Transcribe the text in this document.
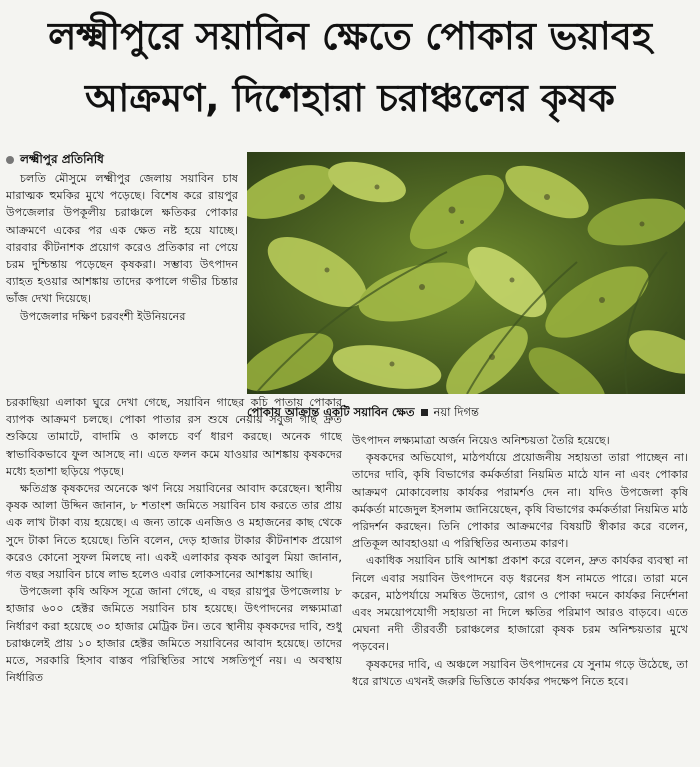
লক্ষ্মীপুরে সয়াবিন ক্ষেতে পোকার ভয়াবহ
আক্রমণ, দিশেহারা চরাঞ্চলের কৃষক
লক্ষ্মীপুর প্রতিনিধি

চলতি মৌসুমে লক্ষ্মীপুর জেলায় সয়াবিন চাষ মারাত্মক হুমকির মুখে পড়েছে। বিশেষ করে রায়পুর উপজেলার উপকূলীয় চরাঞ্চলে ক্ষতিকর পোকার আক্রমণে একের পর এক ক্ষেত নষ্ট হয়ে যাচ্ছে। বারবার কীটনাশক প্রয়োগ করেও প্রতিকার না পেয়ে চরম দুশ্চিন্তায় পড়েছেন কৃষকরা। সম্ভাব্য উৎপাদন ব্যাহত হওয়ার আশঙ্কায় তাদের কপালে গভীর চিন্তার ভাঁজ দেখা দিয়েছে।

উপজেলার দক্ষিণ চরবংশী ইউনিয়নের

পোকায় আক্রান্ত একটি সয়াবিন ক্ষেত নয়া দিগন্ত

চরকাছিয়া এলাকা ঘুরে দেখা গেছে, সয়াবিন গাছের কচি পাতায় পোকার ব্যাপক আক্রমণ চলছে। পোকা পাতার রস শুষে নেয়ায় সবুজ গাছ দ্রুত শুকিয়ে তামাটে, বাদামি ও কালচে বর্ণ ধারণ করছে। অনেক গাছে স্বাভাবিকভাবে ফুল আসছে না। এতে ফলন কমে যাওয়ার আশঙ্কায় কৃষকদের মধ্যে হতাশা ছড়িয়ে পড়ছে।

ক্ষতিগ্রস্ত কৃষকদের অনেকে ঋণ নিয়ে সয়াবিনের আবাদ করেছেন। স্থানীয় কৃষক আলা উদ্দিন জানান, ৮ শতাংশ জমিতে সয়াবিন চাষ করতে তার প্রায় এক লাখ টাকা ব্যয় হয়েছে। এ জন্য তাকে এনজিও ও মহাজনের কাছ থেকে সুদে টাকা নিতে হয়েছে। তিনি বলেন, দেড় হাজার টাকার কীটনাশক প্রয়োগ করেও কোনো সুফল মিলছে না। একই এলাকার কৃষক আবুল মিয়া জানান, গত বছর সয়াবিন চাষে লাভ হলেও এবার লোকসানের আশঙ্কায় আছি।

উপজেলা কৃষি অফিস সূত্রে জানা গেছে, এ বছর রায়পুর উপজেলায় ৮ হাজার ৬০০ হেক্টর জমিতে সয়াবিন চাষ হয়েছে। উৎপাদনের লক্ষ্যমাত্রা নির্ধারণ করা হয়েছে ৩০ হাজার মেট্রিক টন। তবে স্থানীয় কৃষকদের দাবি, শুধু চরাঞ্চলেই প্রায় ১০ হাজার হেক্টর জমিতে সয়াবিনের আবাদ হয়েছে। তাদের মতে, সরকারি হিসাব বাস্তব পরিস্থিতির সাথে সঙ্গতিপূর্ণ নয়। এ অবস্থায় নির্ধারিত

উৎপাদন লক্ষ্যমাত্রা অর্জন নিয়েও অনিশ্চয়তা তৈরি হয়েছে।

কৃষকদের অভিযোগ, মাঠপর্যায়ে প্রয়োজনীয় সহায়তা তারা পাচ্ছেন না। তাদের দাবি, কৃষি বিভাগের কর্মকর্তারা নিয়মিত মাঠে যান না এবং পোকার আক্রমণ মোকাবেলায় কার্যকর পরামর্শও দেন না। যদিও উপজেলা কৃষি কর্মকর্তা মাজেদুল ইসলাম জানিয়েছেন, কৃষি বিভাগের কর্মকর্তারা নিয়মিত মাঠ পরিদর্শন করছেন। তিনি পোকার আক্রমণের বিষয়টি স্বীকার করে বলেন, প্রতিকূল আবহাওয়া এ পরিস্থিতির অন্যতম কারণ।

একাধিক সয়াবিন চাষি আশঙ্কা প্রকাশ করে বলেন, দ্রুত কার্যকর ব্যবস্থা না নিলে এবার সয়াবিন উৎপাদনে বড় ধরনের ধস নামতে পারে। তারা মনে করেন, মাঠপর্যায়ে সমন্বিত উদ্যোগ, রোগ ও পোকা দমনে কার্যকর নির্দেশনা এবং সময়োপযোগী সহায়তা না দিলে ক্ষতির পরিমাণ আরও বাড়বে। এতে মেঘনা নদী তীরবর্তী চরাঞ্চলের হাজারো কৃষক চরম অনিশ্চয়তার মুখে পড়বেন।

কৃষকদের দাবি, এ অঞ্চলে সয়াবিন উৎপাদনের যে সুনাম গড়ে উঠেছে, তা ধরে রাখতে এখনই জরুরি ভিত্তিতে কার্যকর পদক্ষেপ নিতে হবে।
